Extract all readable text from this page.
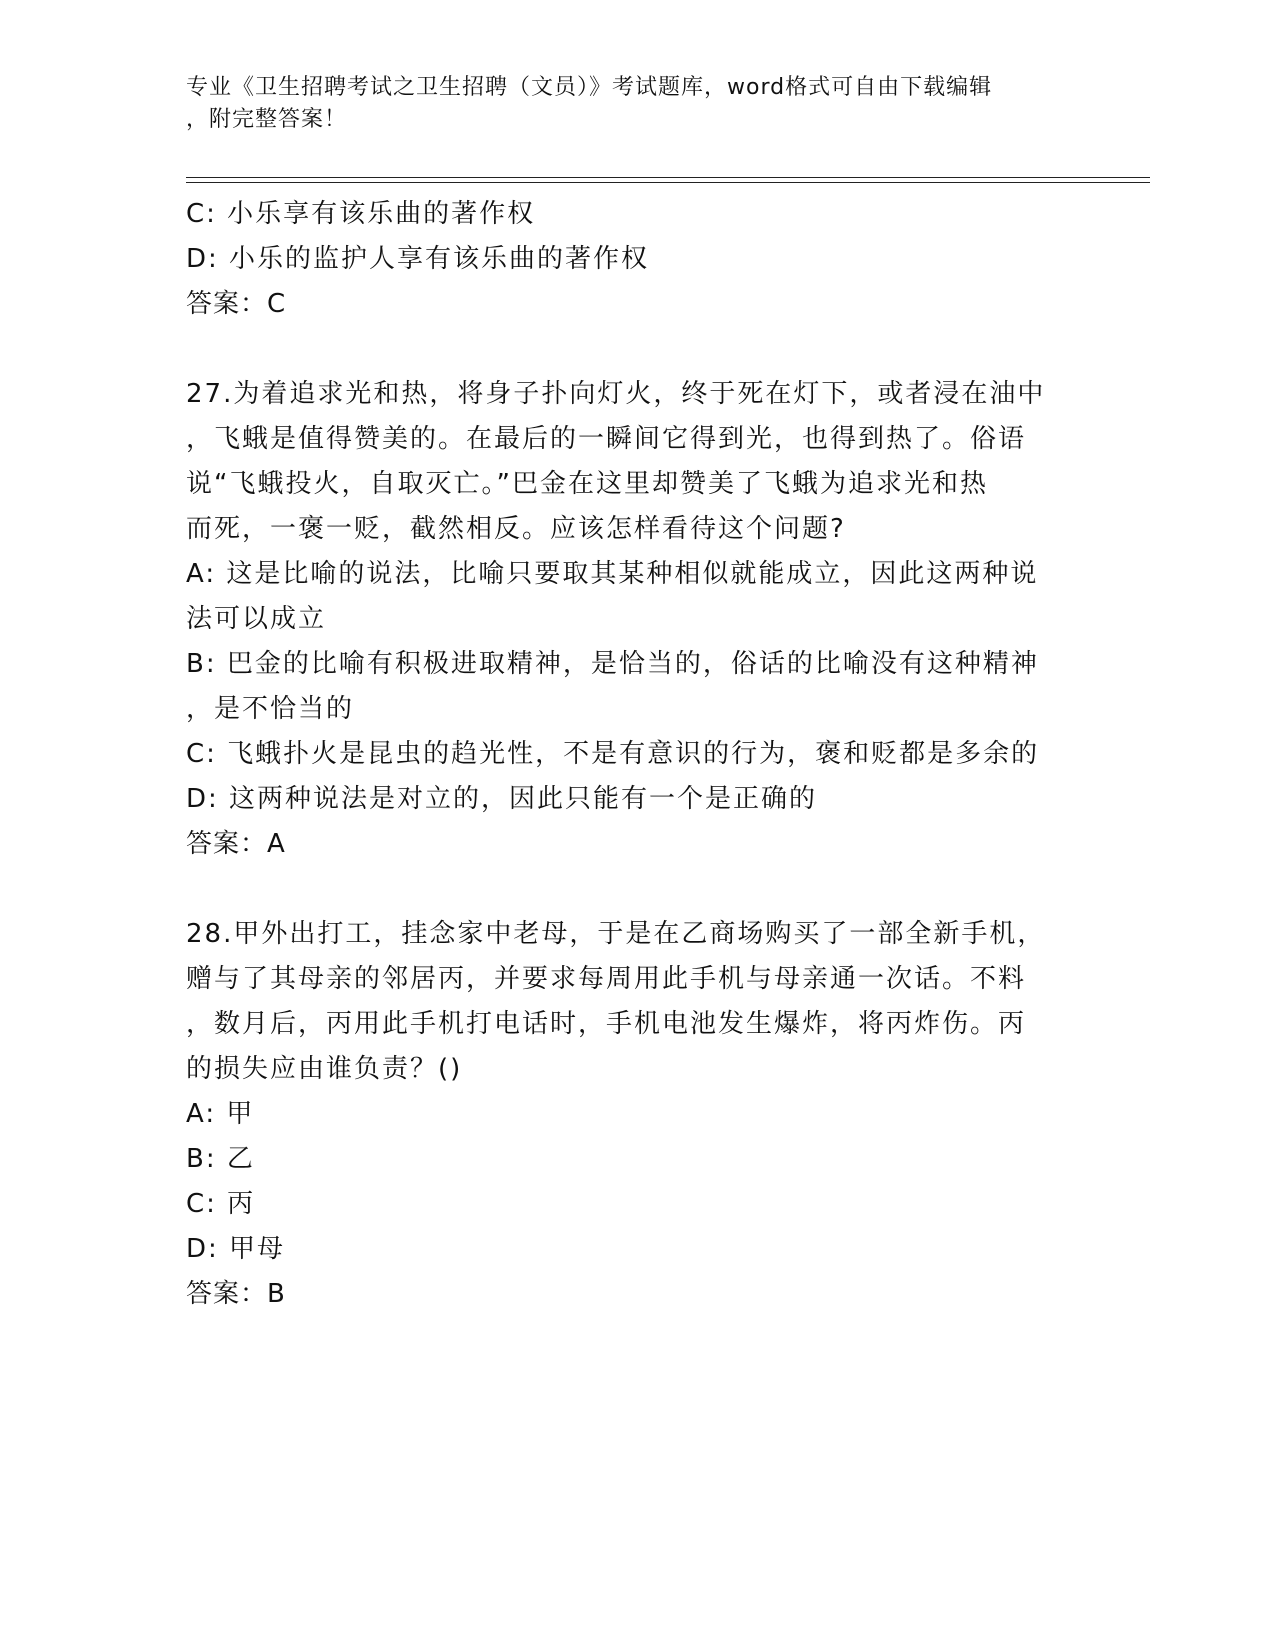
专业《卫生招聘考试之卫生招聘（文员）》考试题库，word格式可自由下载编辑
，附完整答案！
C: 小乐享有该乐曲的著作权
D: 小乐的监护人享有该乐曲的著作权
答案：C
27.为着追求光和热，将身子扑向灯火，终于死在灯下，或者浸在油中
，飞蛾是值得赞美的。在最后的一瞬间它得到光，也得到热了。俗语
说“飞蛾投火，自取灭亡。”巴金在这里却赞美了飞蛾为追求光和热
而死，一褒一贬，截然相反。应该怎样看待这个问题?
A: 这是比喻的说法，比喻只要取其某种相似就能成立，因此这两种说
法可以成立
B: 巴金的比喻有积极进取精神，是恰当的，俗话的比喻没有这种精神
，是不恰当的
C: 飞蛾扑火是昆虫的趋光性，不是有意识的行为，褒和贬都是多余的
D: 这两种说法是对立的，因此只能有一个是正确的
答案：A
28.甲外出打工，挂念家中老母，于是在乙商场购买了一部全新手机，
赠与了其母亲的邻居丙，并要求每周用此手机与母亲通一次话。不料
，数月后，丙用此手机打电话时，手机电池发生爆炸，将丙炸伤。丙
的损失应由谁负责？()
A: 甲
B: 乙
C: 丙
D: 甲母
答案：B
